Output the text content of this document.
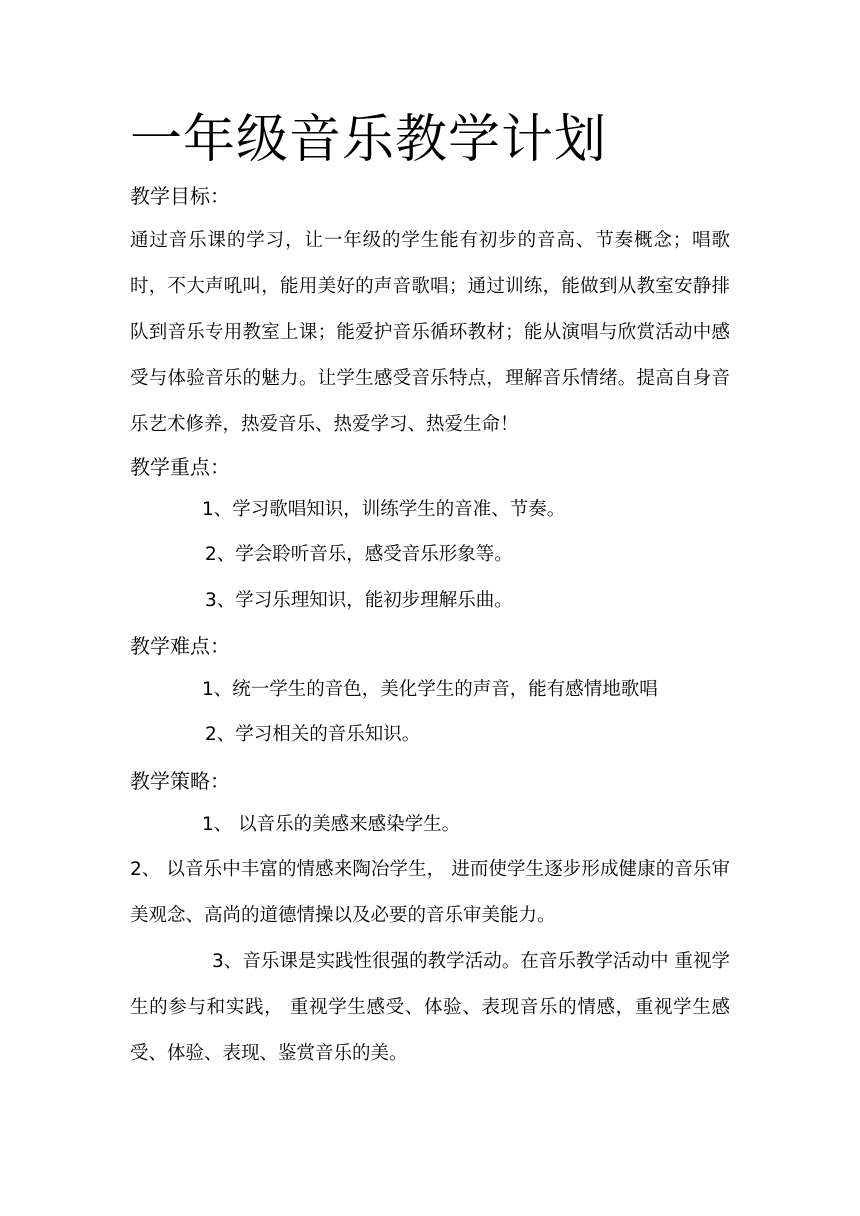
一年级音乐教学计划
教学目标：

通过音乐课的学习，让一年级的学生能有初步的音高、节奏概念；唱歌时，不大声吼叫，能用美好的声音歌唱；通过训练，能做到从教室安静排队到音乐专用教室上课；能爱护音乐循环教材；能从演唱与欣赏活动中感受与体验音乐的魅力。让学生感受音乐特点，理解音乐情绪。提高自身音乐艺术修养，热爱音乐、热爱学习、热爱生命！

教学重点：

1、学习歌唱知识，训练学生的音准、节奏。

2、学会聆听音乐，感受音乐形象等。

3、学习乐理知识，能初步理解乐曲。

教学难点：

1、统一学生的音色，美化学生的声音，能有感情地歌唱

2、学习相关的音乐知识。

教学策略：

1、 以音乐的美感来感染学生。

2、 以音乐中丰富的情感来陶冶学生， 进而使学生逐步形成健康的音乐审美观念、高尚的道德情操以及必要的音乐审美能力。

3、音乐课是实践性很强的教学活动。在音乐教学活动中 重视学生的参与和实践， 重视学生感受、体验、表现音乐的情感，重视学生感受、体验、表现、鉴赏音乐的美。
